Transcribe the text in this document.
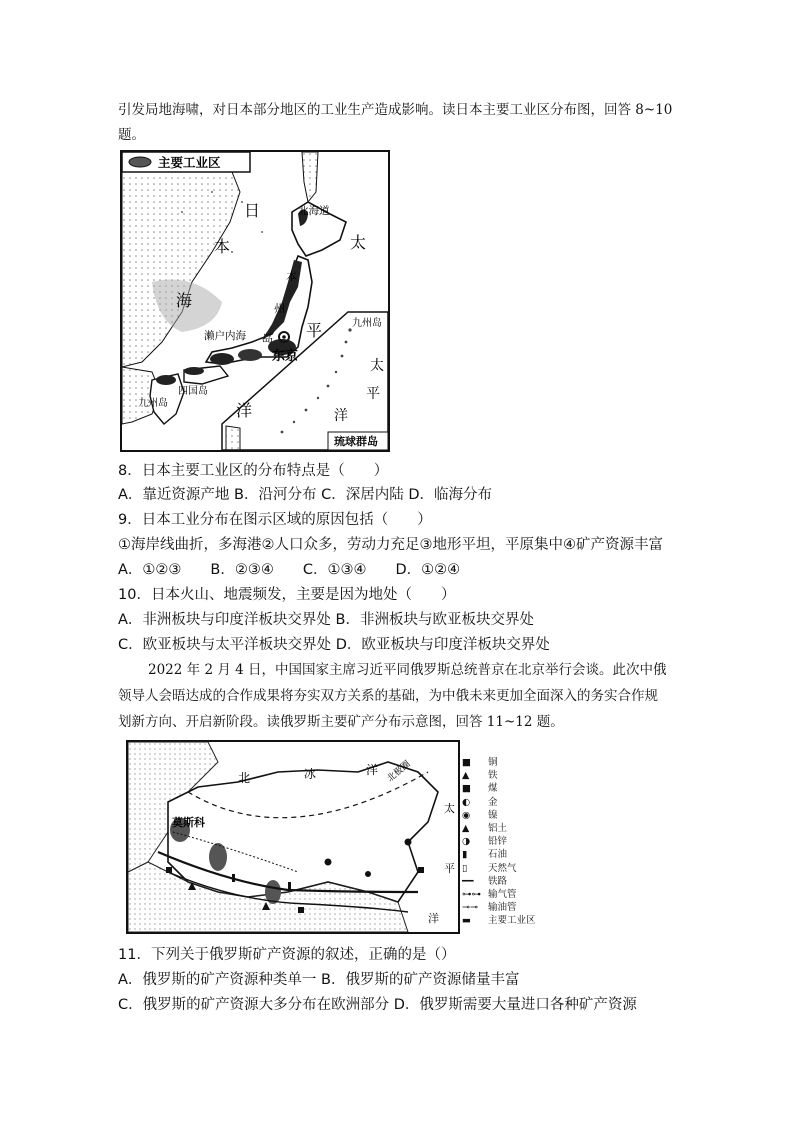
引发局地海啸，对日本部分地区的工业生产造成影响。读日本主要工业区分布图，回答 8~10
题。
主要工业区
日
本
海
太
平
洋
北海道
本
州
岛
东京
濑户内海
四国岛
九州岛
九州岛
太
平
洋
琉球群岛
8．日本主要工业区的分布特点是（　　）
A．靠近资源产地 B．沿河分布 C．深居内陆 D．临海分布
9．日本工业分布在图示区域的原因包括（　　）
①海岸线曲折，多海港②人口众多，劳动力充足③地形平坦，平原集中④矿产资源丰富
A．①②③　　B．②③④　　C．①③④　　D．①②④
10．日本火山、地震频发，主要是因为地处（　　）
A．非洲板块与印度洋板块交界处 B．非洲板块与欧亚板块交界处
C．欧亚板块与太平洋板块交界处 D．欧亚板块与印度洋板块交界处
2022 年 2 月 4 日，中国国家主席习近平同俄罗斯总统普京在北京举行会谈。此次中俄
领导人会晤达成的合作成果将夯实双方关系的基础，为中俄未来更加全面深入的务实合作规
划新方向、开启新阶段。读俄罗斯主要矿产分布示意图，回答 11~12 题。
莫斯科
北	冰	洋
太
平
洋
北极圈	■ 铜
▲ 铁
■ 煤
◐ 金
◉ 镍
▲ 铝土
◑ 铅锌
▮ 石油
▯ 天然气
━━ 铁路
⊶⊶ 输气管
⊸⊸ 输油管
▬ 主要工业区
11．下列关于俄罗斯矿产资源的叙述，正确的是（）
A．俄罗斯的矿产资源种类单一 B．俄罗斯的矿产资源储量丰富
C．俄罗斯的矿产资源大多分布在欧洲部分 D．俄罗斯需要大量进口各种矿产资源
